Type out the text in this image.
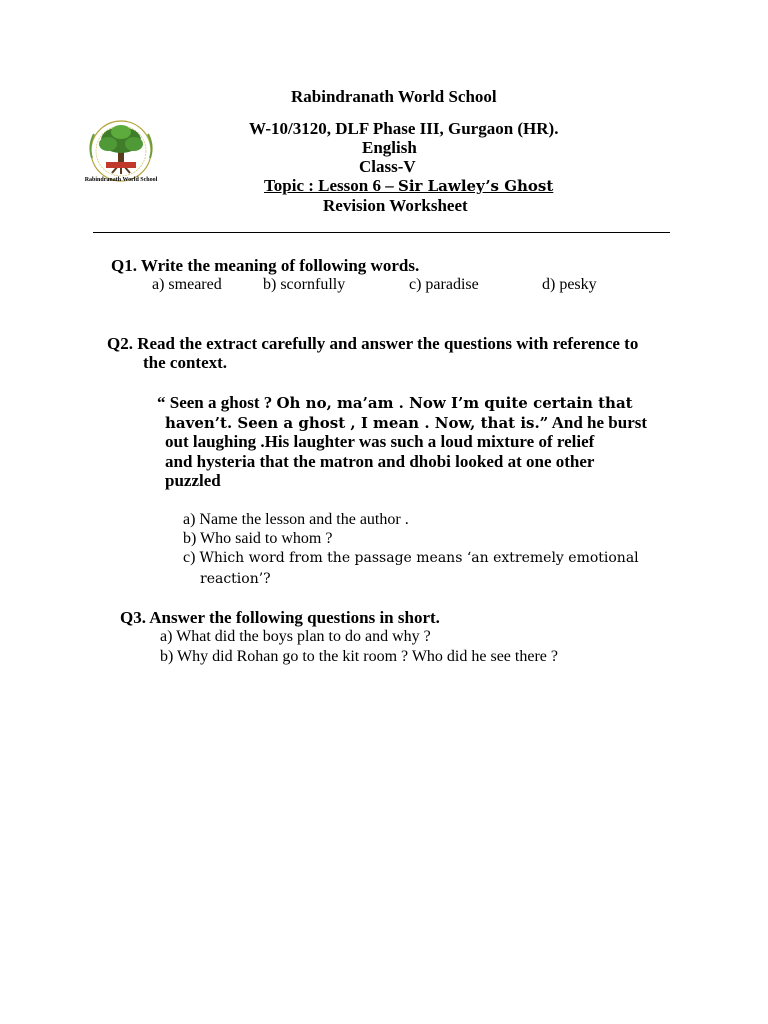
Rabindranath World School
Rabindranath World School
W-10/3120, DLF Phase III, Gurgaon (HR).
English
Class-V
Topic : Lesson 6 – Sir Lawley’s Ghost
Revision Worksheet
Q1. Write the meaning of following words.
a) smeared	b) scornfully	c) paradise	d) pesky
Q2. Read the extract carefully and answer the questions with reference to
the context.
“ Seen a ghost ? Oh no, ma’am . Now I’m quite certain that
haven’t. Seen a ghost , I mean . Now, that is.” And he burst
out laughing .His laughter was such a loud mixture of relief
and hysteria that the matron and dhobi looked at one other
puzzled
a) Name the lesson and the author .
b) Who said to whom ?
c) Which word from the passage means ‘an extremely emotional
reaction’?
Q3. Answer the following questions in short.
a) What did the boys plan to do and why ?
b) Why did Rohan go to the kit room ? Who did he see there ?
